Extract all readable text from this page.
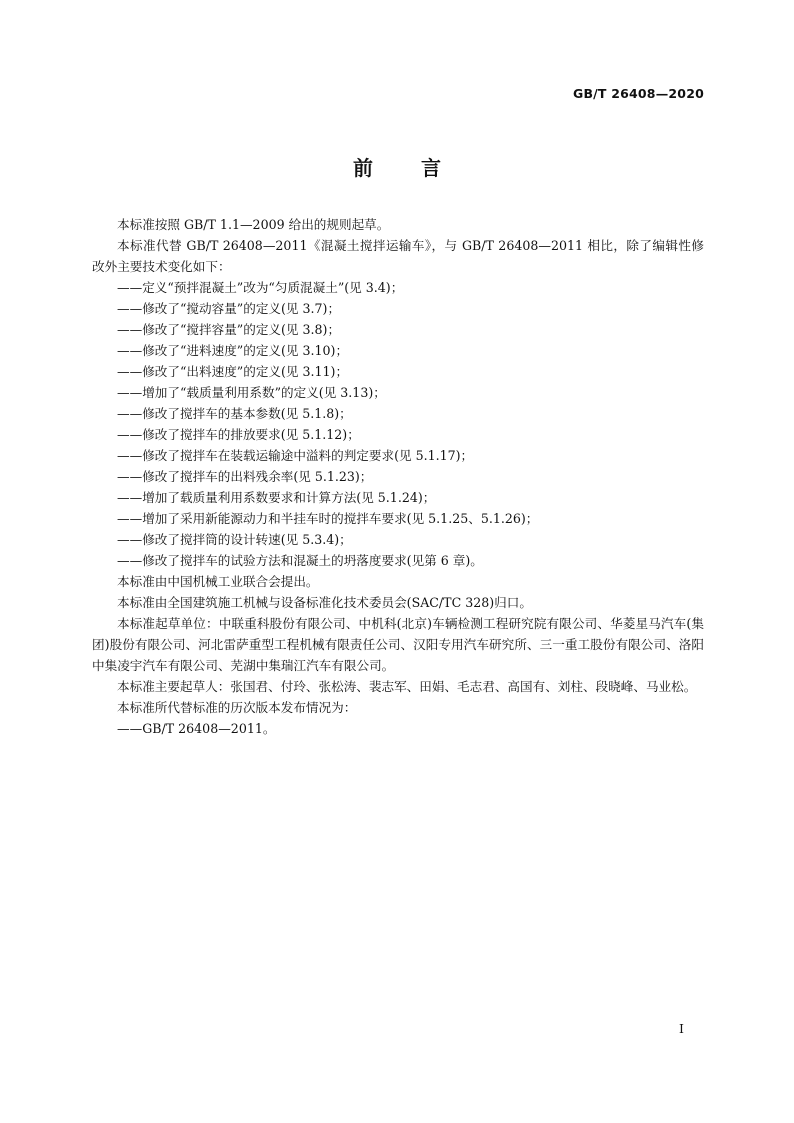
GB/T 26408—2020
前言

本标准按照 GB/T 1.1—2009 给出的规则起草。

本标准代替 GB/T 26408—2011《混凝土搅拌运输车》，与 GB/T 26408—2011 相比，除了编辑性修改外主要技术变化如下：

——定义“预拌混凝土”改为“匀质混凝土”(见 3.4)；

——修改了“搅动容量”的定义(见 3.7)；

——修改了“搅拌容量”的定义(见 3.8)；

——修改了“进料速度”的定义(见 3.10)；

——修改了“出料速度”的定义(见 3.11)；

——增加了“载质量利用系数”的定义(见 3.13)；

——修改了搅拌车的基本参数(见 5.1.8)；

——修改了搅拌车的排放要求(见 5.1.12)；

——修改了搅拌车在装载运输途中溢料的判定要求(见 5.1.17)；

——修改了搅拌车的出料残余率(见 5.1.23)；

——增加了载质量利用系数要求和计算方法(见 5.1.24)；

——增加了采用新能源动力和半挂车时的搅拌车要求(见 5.1.25、5.1.26)；

——修改了搅拌筒的设计转速(见 5.3.4)；

——修改了搅拌车的试验方法和混凝土的坍落度要求(见第 6 章)。

本标准由中国机械工业联合会提出。

本标准由全国建筑施工机械与设备标准化技术委员会(SAC/TC 328)归口。

本标准起草单位：中联重科股份有限公司、中机科(北京)车辆检测工程研究院有限公司、华菱星马汽车(集团)股份有限公司、河北雷萨重型工程机械有限责任公司、汉阳专用汽车研究所、三一重工股份有限公司、洛阳中集凌宇汽车有限公司、芜湖中集瑞江汽车有限公司。

本标准主要起草人：张国君、付玲、张松涛、裴志军、田娟、毛志君、高国有、刘柱、段晓峰、马业松。

本标准所代替标准的历次版本发布情况为：

——GB/T 26408—2011。

I
